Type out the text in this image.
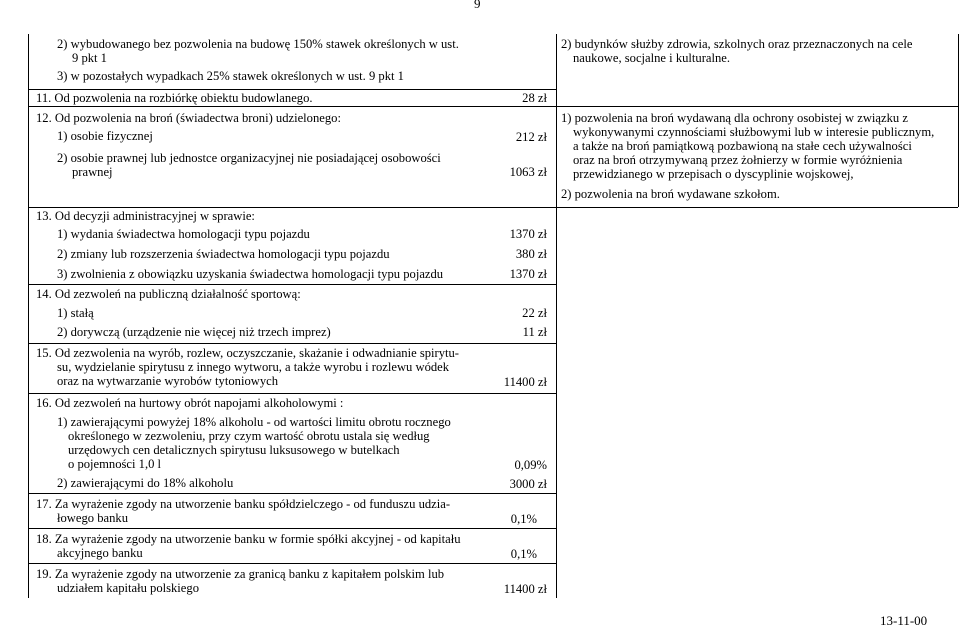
9
13-11-00
2) wybudowanego bez pozwolenia na budowę 150% stawek określonych w ust.
9 pkt 1
3) w pozostałych wypadkach 25% stawek określonych w ust. 9 pkt 1
11. Od pozwolenia na rozbiórkę obiektu budowlanego.	28 zł
12. Od pozwolenia na broń (świadectwa broni) udzielonego:
1) osobie fizycznej	212 zł
2) osobie prawnej lub jednostce organizacyjnej nie posiadającej osobowości
prawnej	1063 zł
13. Od decyzji administracyjnej w sprawie:
1) wydania świadectwa homologacji typu pojazdu	1370 zł
2) zmiany lub rozszerzenia świadectwa homologacji typu pojazdu	380 zł
3) zwolnienia z obowiązku uzyskania świadectwa homologacji typu pojazdu	1370 zł
14. Od zezwoleń na publiczną działalność sportową:
1) stałą	22 zł
2) dorywczą (urządzenie nie więcej niż trzech imprez)	11 zł
15. Od zezwolenia na wyrób, rozlew, oczyszczanie, skażanie i odwadnianie spirytu-
su, wydzielanie spirytusu z innego wytworu, a także wyrobu i rozlewu wódek
oraz na wytwarzanie wyrobów tytoniowych	11400 zł
16. Od zezwoleń na hurtowy obrót napojami alkoholowymi :
1) zawierającymi powyżej 18% alkoholu - od wartości limitu obrotu rocznego
określonego w zezwoleniu, przy czym wartość obrotu ustala się według
urzędowych cen detalicznych spirytusu luksusowego w butelkach
o pojemności 1,0 l	0,09%
2) zawierającymi do 18% alkoholu	3000 zł
17. Za wyrażenie zgody na utworzenie banku spółdzielczego - od funduszu udzia-
łowego banku	0,1%
18. Za wyrażenie zgody na utworzenie banku w formie spółki akcyjnej - od kapitału
akcyjnego banku	0,1%
19. Za wyrażenie zgody na utworzenie za granicą banku z kapitałem polskim lub
udziałem kapitału polskiego	11400 zł
2) budynków służby zdrowia, szkolnych oraz przeznaczonych na cele
naukowe, socjalne i kulturalne.
1) pozwolenia na broń wydawaną dla ochrony osobistej w związku z
wykonywanymi czynnościami służbowymi lub w interesie publicznym,
a także na broń pamiątkową pozbawioną na stałe cech używalności
oraz na broń otrzymywaną przez żołnierzy w formie wyróżnienia
przewidzianego w przepisach o dyscyplinie wojskowej,
2) pozwolenia na broń wydawane szkołom.
